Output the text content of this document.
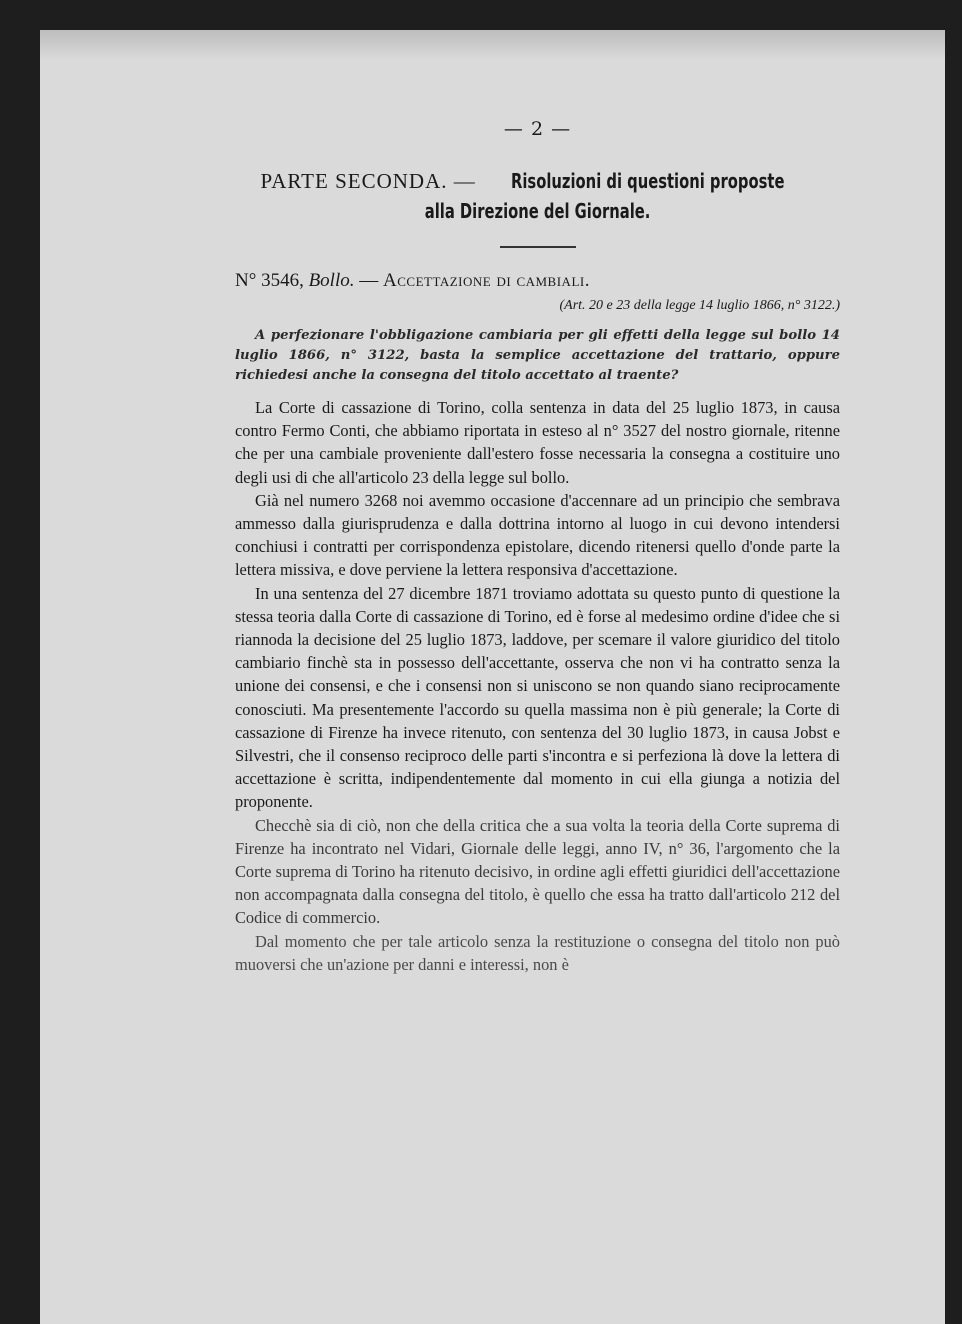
— 2 —
PARTE SECONDA. — Risoluzioni di questioni proposte
alla Direzione del Giornale.
N° 3546, Bollo. — Accettazione di cambiali.
(Art. 20 e 23 della legge 14 luglio 1866, n° 3122.)

A perfezionare l'obbligazione cambiaria per gli effetti della legge sul bollo 14 luglio 1866, n° 3122, basta la semplice accettazione del trattario, oppure richiedesi anche la consegna del titolo accettato al traente?

La Corte di cassazione di Torino, colla sentenza in data del 25 luglio 1873, in causa contro Fermo Conti, che abbiamo riportata in esteso al n° 3527 del nostro giornale, ritenne che per una cambiale proveniente dall'estero fosse necessaria la consegna a costituire uno degli usi di che all'articolo 23 della legge sul bollo.

Già nel numero 3268 noi avemmo occasione d'accennare ad un principio che sembrava ammesso dalla giurisprudenza e dalla dottrina intorno al luogo in cui devono intendersi conchiusi i contratti per corrispondenza epistolare, dicendo ritenersi quello d'onde parte la lettera missiva, e dove perviene la lettera responsiva d'accettazione.

In una sentenza del 27 dicembre 1871 troviamo adottata su questo punto di questione la stessa teoria dalla Corte di cassazione di Torino, ed è forse al medesimo ordine d'idee che si riannoda la decisione del 25 luglio 1873, laddove, per scemare il valore giuridico del titolo cambiario finchè sta in possesso dell'accettante, osserva che non vi ha contratto senza la unione dei consensi, e che i consensi non si uniscono se non quando siano reciprocamente conosciuti. Ma presentemente l'accordo su quella massima non è più generale; la Corte di cassazione di Firenze ha invece ritenuto, con sentenza del 30 luglio 1873, in causa Jobst e Silvestri, che il consenso reciproco delle parti s'incontra e si perfeziona là dove la lettera di accettazione è scritta, indipendentemente dal momento in cui ella giunga a notizia del proponente.

Checchè sia di ciò, non che della critica che a sua volta la teoria della Corte suprema di Firenze ha incontrato nel Vidari, Giornale delle leggi, anno IV, n° 36, l'argomento che la Corte suprema di Torino ha ritenuto decisivo, in ordine agli effetti giuridici dell'accettazione non accompagnata dalla consegna del titolo, è quello che essa ha tratto dall'articolo 212 del Codice di commercio.

Dal momento che per tale articolo senza la restituzione o consegna del titolo non può muoversi che un'azione per danni e interessi, non è
